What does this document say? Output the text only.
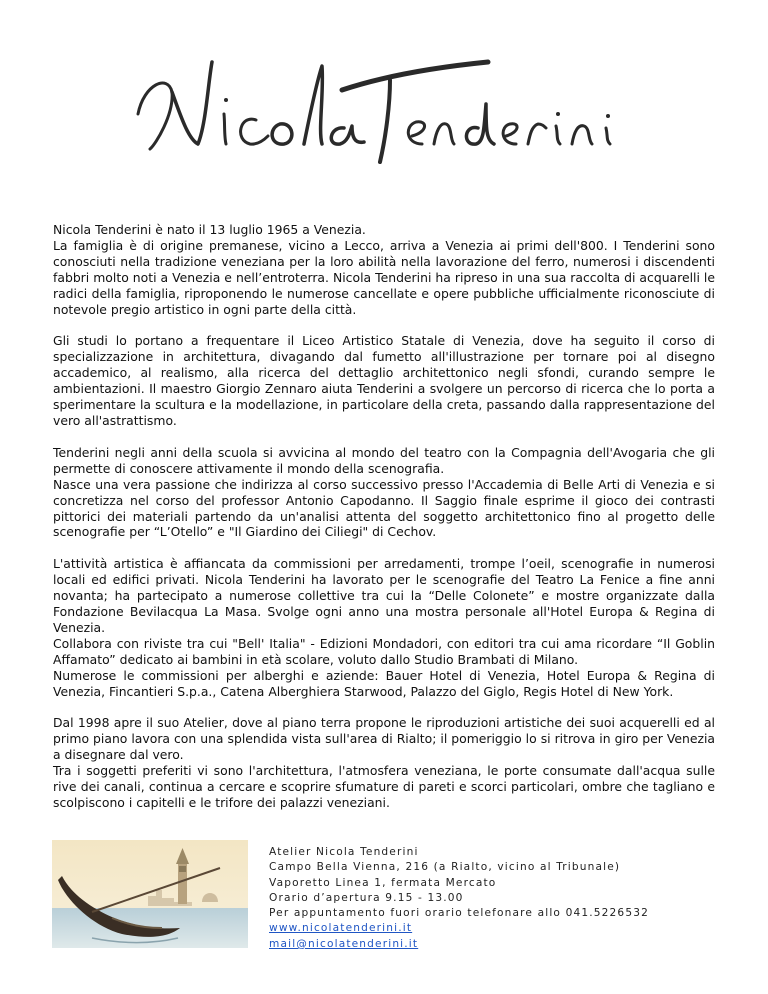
Nicola Tenderini è nato il 13 luglio 1965 a Venezia.
La famiglia è di origine premanese, vicino a Lecco, arriva a Venezia ai primi dell'800. I Tenderini sono conosciuti nella tradizione veneziana per la loro abilità nella lavorazione del ferro, numerosi i discendenti fabbri molto noti a Venezia e nell’entroterra. Nicola Tenderini ha ripreso in una sua raccolta di acquarelli le radici della famiglia, riproponendo le numerose cancellate e opere pubbliche ufficialmente riconosciute di notevole pregio artistico in ogni parte della città.

Gli studi lo portano a frequentare il Liceo Artistico Statale di Venezia, dove ha seguito il corso di specializzazione in architettura, divagando dal fumetto all'illustrazione per tornare poi al disegno accademico, al realismo, alla ricerca del dettaglio architettonico negli sfondi, curando sempre le ambientazioni. Il maestro Giorgio Zennaro aiuta Tenderini a svolgere un percorso di ricerca che lo porta a sperimentare la scultura e la modellazione, in particolare della creta, passando dalla rappresentazione del vero all'astrattismo.

Tenderini negli anni della scuola si avvicina al mondo del teatro con la Compagnia dell'Avogaria che gli permette di conoscere attivamente il mondo della scenografia.
Nasce una vera passione che indirizza al corso successivo presso l'Accademia di Belle Arti di Venezia e si concretizza nel corso del professor Antonio Capodanno. Il Saggio finale esprime il gioco dei contrasti pittorici dei materiali partendo da un'analisi attenta del soggetto architettonico fino al progetto delle scenografie per “L’Otello” e "Il Giardino dei Ciliegi" di Cechov.

L'attività artistica è affiancata da commissioni per arredamenti, trompe l’oeil, scenografie in numerosi locali ed edifici privati. Nicola Tenderini ha lavorato per le scenografie del Teatro La Fenice a fine anni novanta; ha partecipato a numerose collettive tra cui la “Delle Colonete” e mostre organizzate dalla Fondazione Bevilacqua La Masa. Svolge ogni anno una mostra personale all'Hotel Europa & Regina di Venezia.
Collabora con riviste tra cui "Bell' Italia" - Edizioni Mondadori, con editori tra cui ama ricordare “Il Goblin Affamato” dedicato ai bambini in età scolare, voluto dallo Studio Brambati di Milano.
Numerose le commissioni per alberghi e aziende: Bauer Hotel di Venezia, Hotel Europa & Regina di Venezia, Fincantieri S.p.a., Catena Alberghiera Starwood, Palazzo del Giglo, Regis Hotel di New York.

Dal 1998 apre il suo Atelier, dove al piano terra propone le riproduzioni artistiche dei suoi acquerelli ed al primo piano lavora con una splendida vista sull'area di Rialto; il pomeriggio lo si ritrova in giro per Venezia a disegnare dal vero.
Tra i soggetti preferiti vi sono l'architettura, l'atmosfera veneziana, le porte consumate dall'acqua sulle rive dei canali, continua a cercare e scoprire sfumature di pareti e scorci particolari, ombre che tagliano e scolpiscono i capitelli e le trifore dei palazzi veneziani.

Atelier Nicola Tenderini
Campo Bella Vienna, 216 (a Rialto, vicino al Tribunale)
Vaporetto Linea 1, fermata Mercato
Orario d’apertura 9.15 - 13.00
Per appuntamento fuori orario telefonare allo 041.5226532
www.nicolatenderini.it
mail@nicolatenderini.it
